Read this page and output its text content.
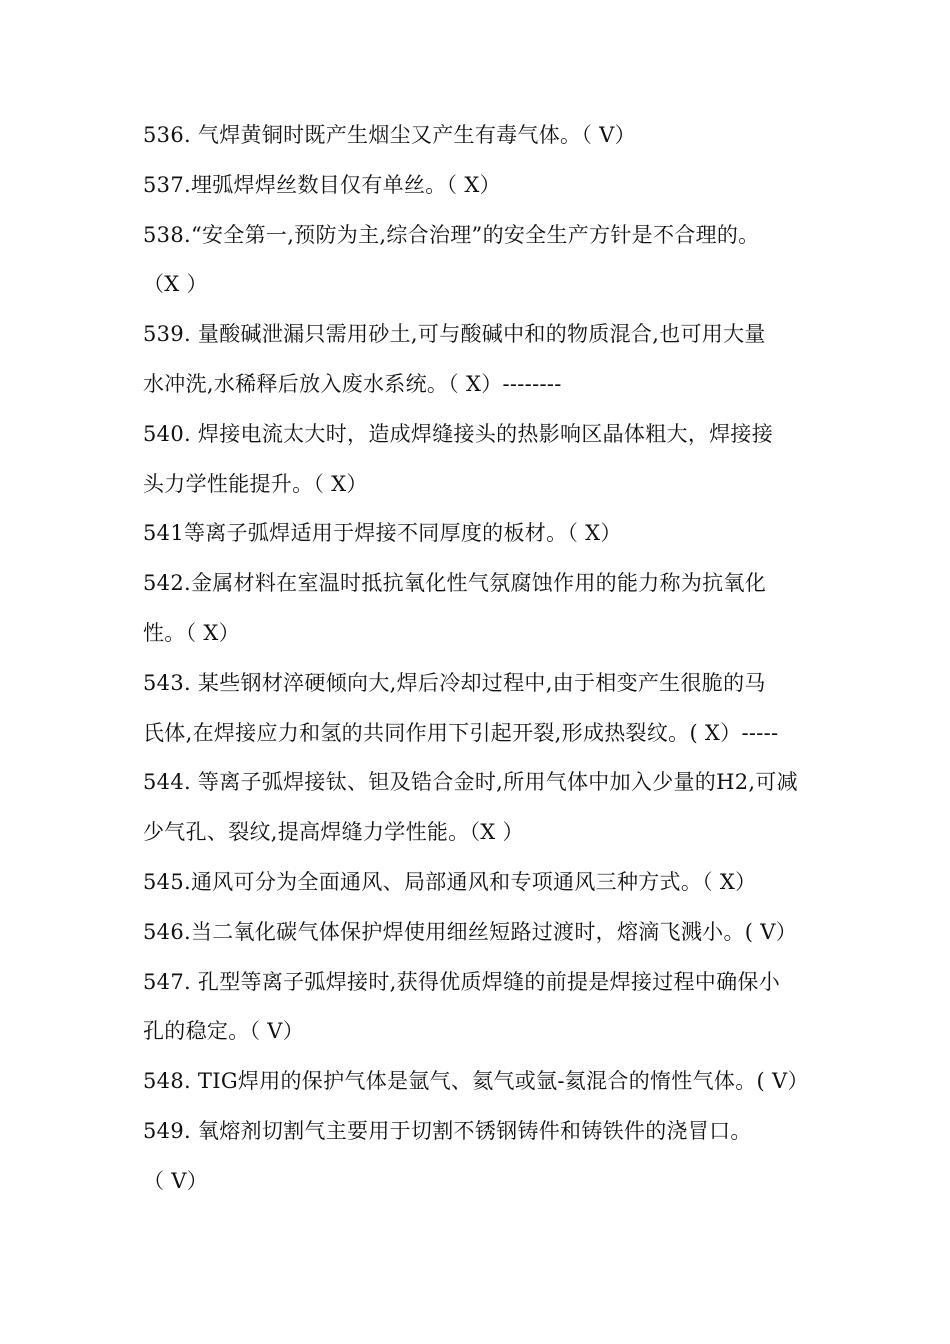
536. 气焊黄铜时既产生烟尘又产生有毒气体。（ V）
537.埋弧焊焊丝数目仅有单丝。（ X）
538.“安全第一,预防为主,综合治理”的安全生产方针是不合理的。
（X ）
539. 量酸碱泄漏只需用砂土,可与酸碱中和的物质混合,也可用大量
水冲洗,水稀释后放入废水系统。（ X）--------
540. 焊接电流太大时，造成焊缝接头的热影响区晶体粗大，焊接接
头力学性能提升。（ X）
541等离子弧焊适用于焊接不同厚度的板材。（ X）
542.金属材料在室温时抵抗氧化性气氛腐蚀作用的能力称为抗氧化
性。（ X）
543. 某些钢材淬硬倾向大,焊后冷却过程中,由于相变产生很脆的马
氏体,在焊接应力和氢的共同作用下引起开裂,形成热裂纹。( X）-----
544. 等离子弧焊接钛、钽及锆合金时,所用气体中加入少量的H2,可减
少气孔、裂纹,提高焊缝力学性能。（X ）
545.通风可分为全面通风、局部通风和专项通风三种方式。（ X）
546.当二氧化碳气体保护焊使用细丝短路过渡时，熔滴飞溅小。( V）
547. 孔型等离子弧焊接时,获得优质焊缝的前提是焊接过程中确保小
孔的稳定。（ V）
548. TIG焊用的保护气体是氩气、氦气或氩-氦混合的惰性气体。( V）
549. 氧熔剂切割气主要用于切割不锈钢铸件和铸铁件的浇冒口。
（ V）
